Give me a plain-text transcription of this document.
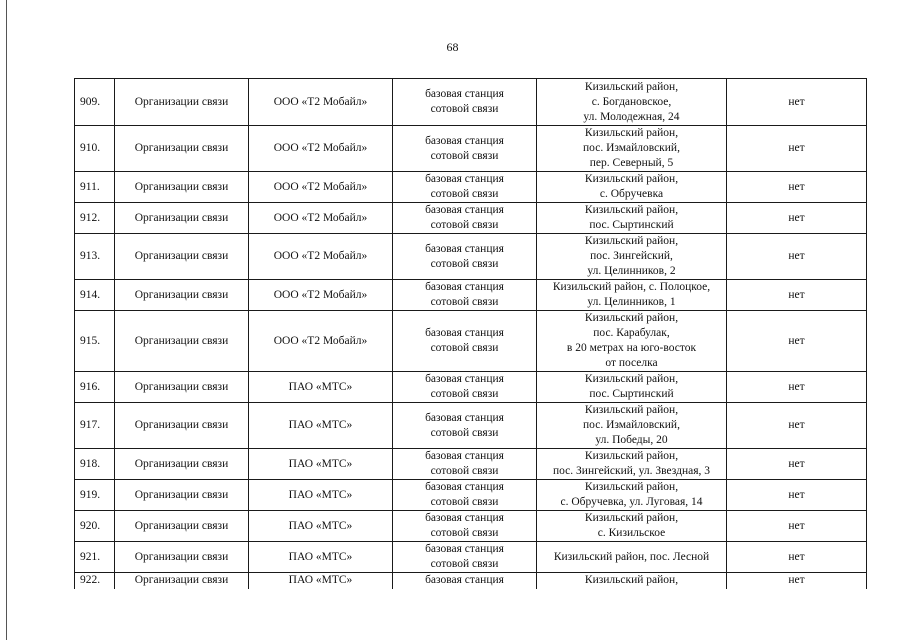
68
909.	Организации связи	ООО «Т2 Мобайл»	базовая станция
сотовой связи	Кизильский район,
с. Богдановское,
ул. Молодежная, 24	нет
910.	Организации связи	ООО «Т2 Мобайл»	базовая станция
сотовой связи	Кизильский район,
пос. Измайловский,
пер. Северный, 5	нет
911.	Организации связи	ООО «Т2 Мобайл»	базовая станция
сотовой связи	Кизильский район,
с. Обручевка	нет
912.	Организации связи	ООО «Т2 Мобайл»	базовая станция
сотовой связи	Кизильский район,
пос. Сыртинский	нет
913.	Организации связи	ООО «Т2 Мобайл»	базовая станция
сотовой связи	Кизильский район,
пос. Зингейский,
ул. Целинников, 2	нет
914.	Организации связи	ООО «Т2 Мобайл»	базовая станция
сотовой связи	Кизильский район, с. Полоцкое,
ул. Целинников, 1	нет
915.	Организации связи	ООО «Т2 Мобайл»	базовая станция
сотовой связи	Кизильский район,
пос. Карабулак,
в 20 метрах на юго-восток
от поселка	нет
916.	Организации связи	ПАО «МТС»	базовая станция
сотовой связи	Кизильский район,
пос. Сыртинский	нет
917.	Организации связи	ПАО «МТС»	базовая станция
сотовой связи	Кизильский район,
пос. Измайловский,
ул. Победы, 20	нет
918.	Организации связи	ПАО «МТС»	базовая станция
сотовой связи	Кизильский район,
пос. Зингейский, ул. Звездная, 3	нет
919.	Организации связи	ПАО «МТС»	базовая станция
сотовой связи	Кизильский район,
с. Обручевка, ул. Луговая, 14	нет
920.	Организации связи	ПАО «МТС»	базовая станция
сотовой связи	Кизильский район,
с. Кизильское	нет
921.	Организации связи	ПАО «МТС»	базовая станция
сотовой связи	Кизильский район, пос. Лесной	нет
922.	Организации связи	ПАО «МТС»	базовая станция	Кизильский район,	нет
